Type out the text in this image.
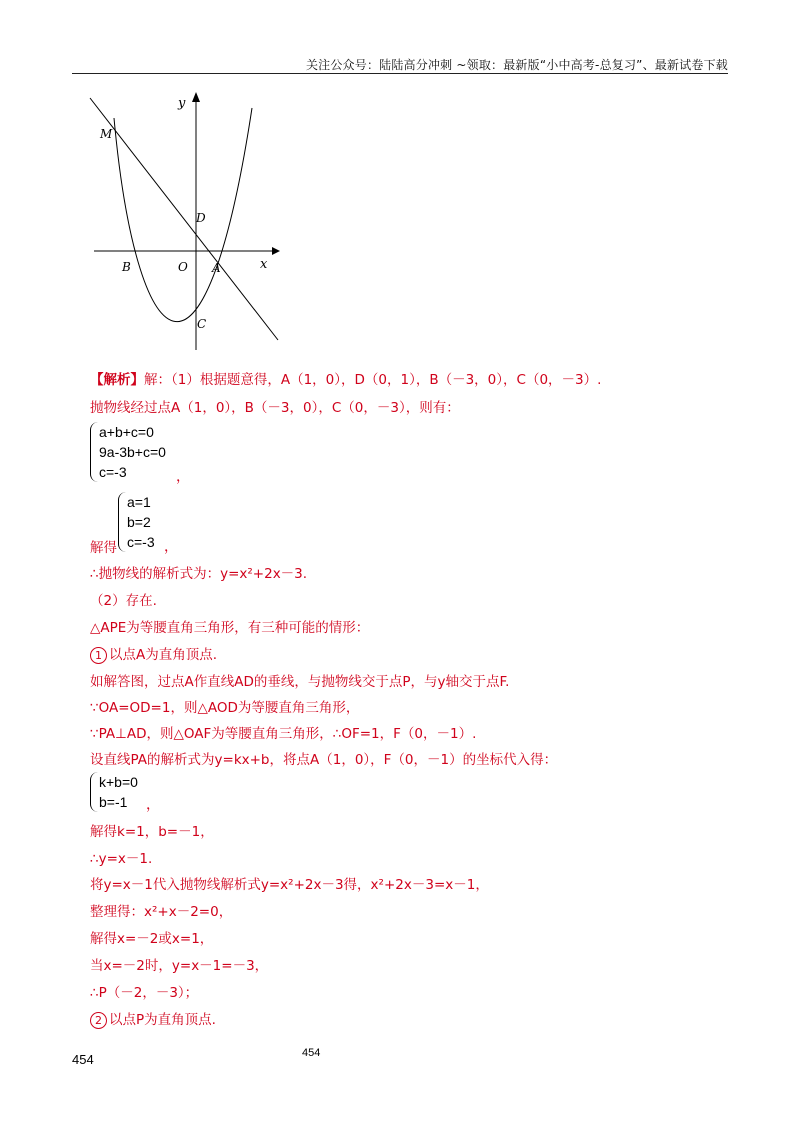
关注公众号：陆陆高分冲刺 ~领取：最新版“小中高考-总复习”、最新试卷下载
y
x
M
D
B	O A
C
【解析】解：（1）根据题意得，A（1，0），D（0，1），B（－3，0），C（0，－3）.
抛物线经过点A（1，0），B（－3，0），C（0，－3），则有：
a+b+c=0
9a-3b+c=0
c=-3	，
a=1
b=2
c=-3
解得	，
∴抛物线的解析式为：y=x²+2x－3.
（2）存在.
△APE为等腰直角三角形，有三种可能的情形：
1 以点A为直角顶点.
如解答图，过点A作直线AD的垂线，与抛物线交于点P，与y轴交于点F.
∵OA=OD=1，则△AOD为等腰直角三角形，
∵PA⊥AD，则△OAF为等腰直角三角形，∴OF=1，F（0，－1）.
设直线PA的解析式为y=kx+b，将点A（1，0），F（0，－1）的坐标代入得：
k+b=0
b=-1	，
解得k=1，b=－1，
∴y=x－1.
将y=x－1代入抛物线解析式y=x²+2x－3得，x²+2x－3=x－1，
整理得：x²+x－2=0，
解得x=－2或x=1，
当x=－2时，y=x－1=－3，
∴P（－2，－3）；
2 以点P为直角顶点.
454	454
